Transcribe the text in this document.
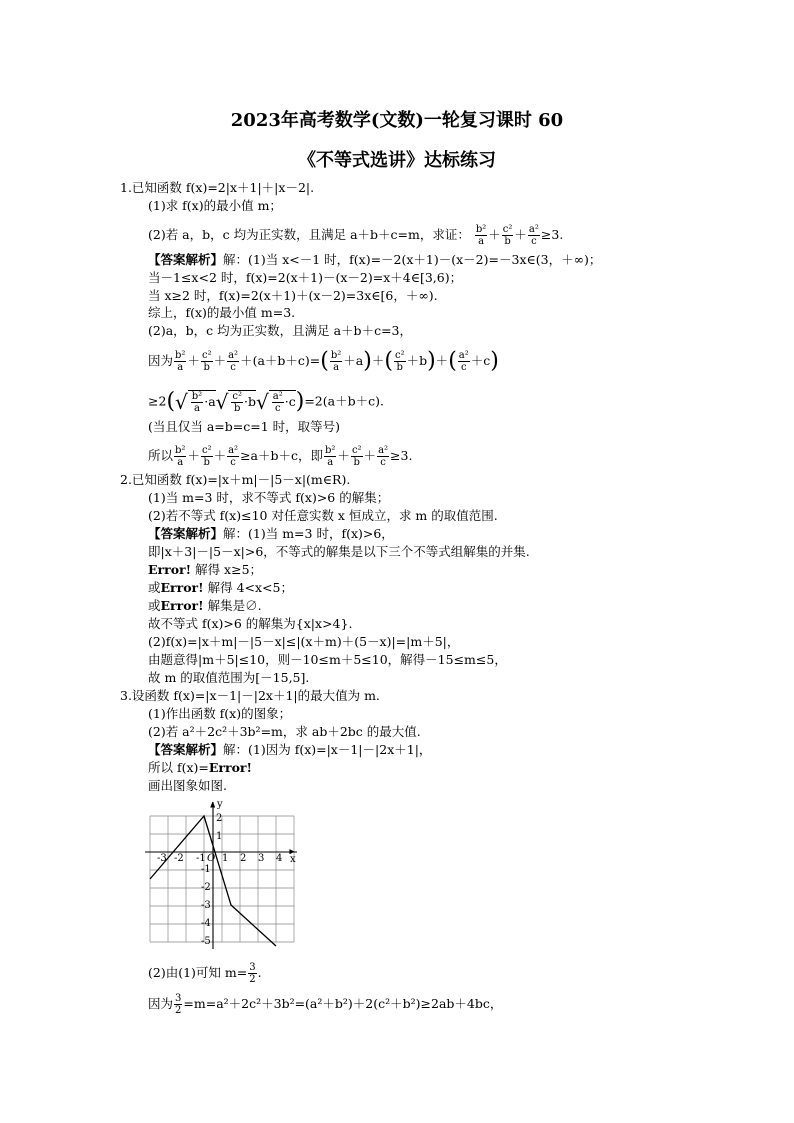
2023年高考数学(文数)一轮复习课时 60
《不等式选讲》达标练习
1.已知函数 f(x)=2|x＋1|＋|x－2|.
(1)求 f(x)的最小值 m；
(2)若 a，b，c 均为正实数，且满足 a＋b＋c=m，求证： $\frac{\text{b²}}{a} + \frac{\text{c²}}{b} + \frac{\text{a²}}{c} \ge 3$.
【答案解析】解：(1)当 x<－1 时，f(x)=－2(x＋1)－(x－2)=－3x∈(3，＋∞)；
当－1≤x<2 时，f(x)=2(x＋1)－(x－2)=x＋4∈[3,6)；
当 x≥2 时，f(x)=2(x＋1)＋(x－2)=3x∈[6，＋∞).
综上，f(x)的最小值 m=3.
(2)a，b，c 均为正实数，且满足 a＋b＋c=3，
因为 $\frac{\text{b²}}{a} + \frac{\text{c²}}{b} + \frac{\text{a²}}{c} +(a+b+c)=( \frac{\text{b²}}{a} +a)+( \frac{\text{c²}}{b} +b)+( \frac{\text{a²}}{c} +c)$
$\ge 2(√ \frac{\text{b²}}{a} \cdot a√ \frac{\text{c²}}{b} \cdot b√ \frac{\text{a²}}{c} \cdot c)=2(a+b+c)$.
(当且仅当 a=b=c=1 时，取等号)
所以 $\frac{\text{b²}}{a} + \frac{\text{c²}}{b} + \frac{\text{a²}}{c} \ge a+b+c$，即 $\frac{\text{b²}}{a} + \frac{\text{c²}}{b} + \frac{\text{a²}}{c} \ge 3$.
2.已知函数 f(x)=|x＋m|－|5－x|(m∈R).
(1)当 m=3 时，求不等式 f(x)>6 的解集；
(2)若不等式 f(x)≤10 对任意实数 x 恒成立，求 m 的取值范围.
【答案解析】解：(1)当 m=3 时，f(x)>6，
即|x＋3|－|5－x|>6，不等式的解集是以下三个不等式组解集的并集.
Error! 解得 x≥5；
或Error! 解得 4<x<5；
或Error! 解集是∅.
故不等式 f(x)>6 的解集为{x|x>4}.
(2)f(x)=|x＋m|－|5－x|≤|(x＋m)＋(5－x)|=|m＋5|，
由题意得|m＋5|≤10，则－10≤m＋5≤10，解得－15≤m≤5，
故 m 的取值范围为[－15,5].
3.设函数 f(x)=|x－1|－|2x＋1|的最大值为 m.
(1)作出函数 f(x)的图象；
(2)若 a²＋2c²＋3b²=m，求 ab＋2bc 的最大值.
【答案解析】解：(1)因为 f(x)=|x－1|－|2x＋1|，
所以 f(x)=Error!
画出图象如图.
y
x
-3 -2 -1 O 1 2 3 4
2
1
-1
-2
-3
-4
-5
(2)由(1)可知 $m= \frac{3}{2}$ .
因为 $\frac{3}{2} =m=a^2+2c^2+3b^2=(a^2+b^2)+2(c^2+b^2)\ge 2ab+4bc$，
